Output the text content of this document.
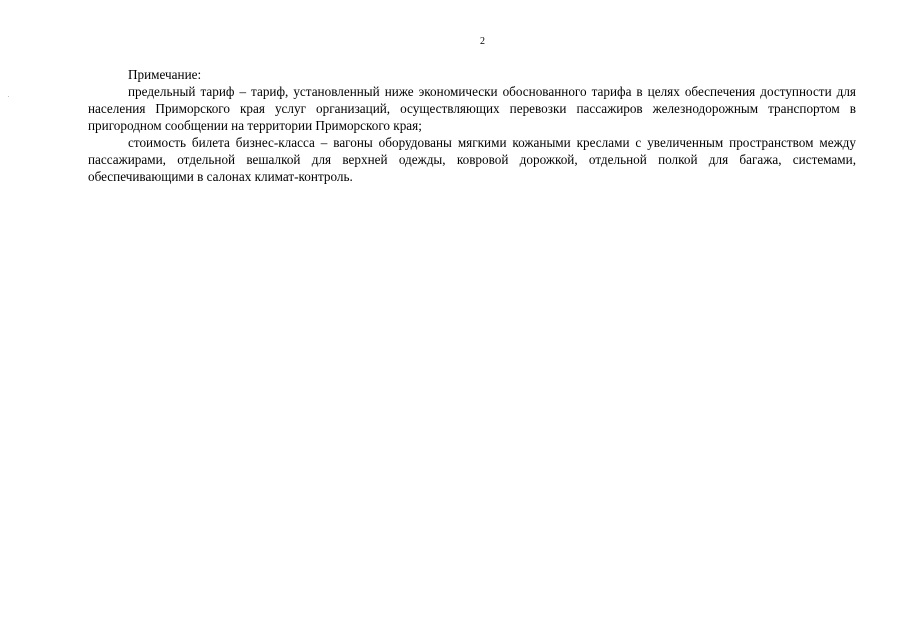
2

Примечание:

предельный тариф – тариф, установленный ниже экономически обоснованного тарифа в целях обеспечения доступности для населения Приморского края услуг организаций, осуществляющих перевозки пассажиров железнодорожным транспортом в пригородном сообщении на территории Приморского края;

стоимость билета бизнес-класса – вагоны оборудованы мягкими кожаными креслами с увеличенным пространством между пассажирами, отдельной вешалкой для верхней одежды, ковровой дорожкой, отдельной полкой для багажа, системами, обеспечивающими в салонах климат-контроль.
